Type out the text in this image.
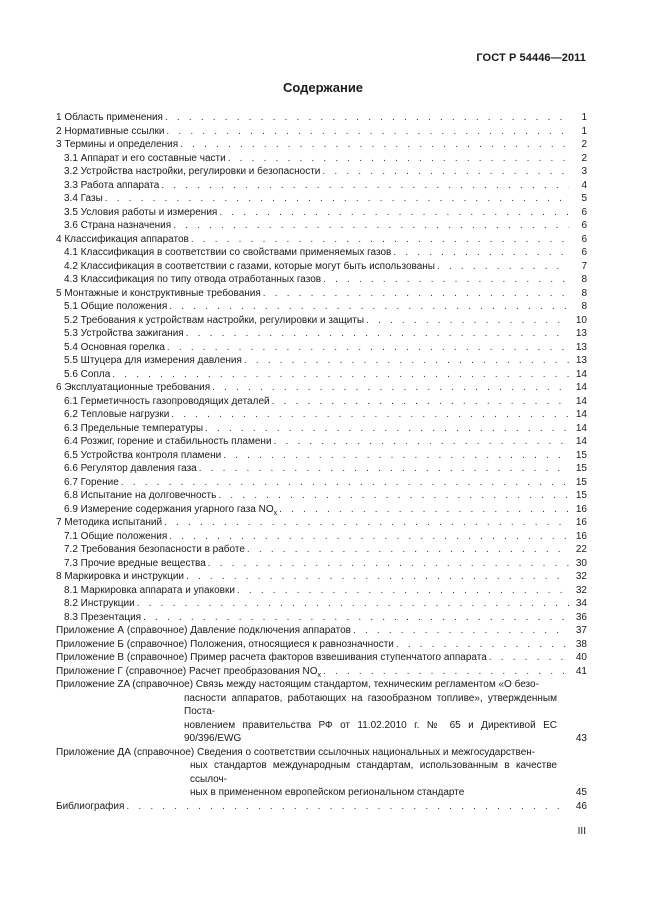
ГОСТ Р 54446—2011
Содержание
1 Область применения . . .	1
2 Нормативные ссылки . . .	1
3 Термины и определения . . .	2
3.1 Аппарат и его составные части . . .	2
3.2 Устройства настройки, регулировки и безопасности . . .	3
3.3 Работа аппарата . . .	4
3.4 Газы . . .	5
3.5 Условия работы и измерения . . .	6
3.6 Страна назначения . . .	6
4 Классификация аппаратов . . .	6
4.1 Классификация в соответствии со свойствами применяемых газов . . .	6
4.2 Классификация в соответствии с газами, которые могут быть использованы . . .	7
4.3 Классификация по типу отвода отработанных газов . . .	8
5 Монтажные и конструктивные требования . . .	8
5.1 Общие положения . . .	8
5.2 Требования к устройствам настройки, регулировки и защиты . . .	10
5.3 Устройства зажигания . . .	13
5.4 Основная горелка . . .	13
5.5 Штуцера для измерения давления . . .	13
5.6 Сопла . . .	14
6 Эксплуатационные требования . . .	14
6.1 Герметичность газопроводящих деталей . . .	14
6.2 Тепловые нагрузки . . .	14
6.3 Предельные температуры . . .	14
6.4 Розжиг, горение и стабильность пламени . . .	14
6.5 Устройства контроля пламени . . .	15
6.6 Регулятор давления газа . . .	15
6.7 Горение . . .	15
6.8 Испытание на долговечность . . .	15
6.9 Измерение содержания угарного газа $NO_x$ . . .	16
7 Методика испытаний . . .	16
7.1 Общие положения . . .	16
7.2 Требования безопасности в работе . . .	22
7.3 Прочие вредные вещества . . .	30
8 Маркировка и инструкции . . .	32
8.1 Маркировка аппарата и упаковки . . .	32
8.2 Инструкции . . .	34
8.3 Презентация . . .	36
Приложение А (справочное) Давление подключения аппаратов . . .	37
Приложение Б (справочное) Положения, относящиеся к равнозначности . . .	38
Приложение В (справочное) Пример расчета факторов взвешивания ступенчатого аппарата . . .	40
Приложение Г (справочное) Расчет преобразования $NO_x$ . . .	41
Приложение ZA (справочное) Связь между настоящим стандартом, техническим регламентом «О безо-
пасности аппаратов, работающих на газообразном топливе», утвержденным Поста-
новлением правительства РФ от 11.02.2010 г. № 65 и Директивой ЕС 90/396/EWG	43
Приложение ДА (справочное) Сведения о соответствии ссылочных национальных и межгосударствен-
ных стандартов международным стандартам, использованным в качестве ссылоч-
ных в примененном европейском региональном стандарте	45
Библиография . . .	46
III
